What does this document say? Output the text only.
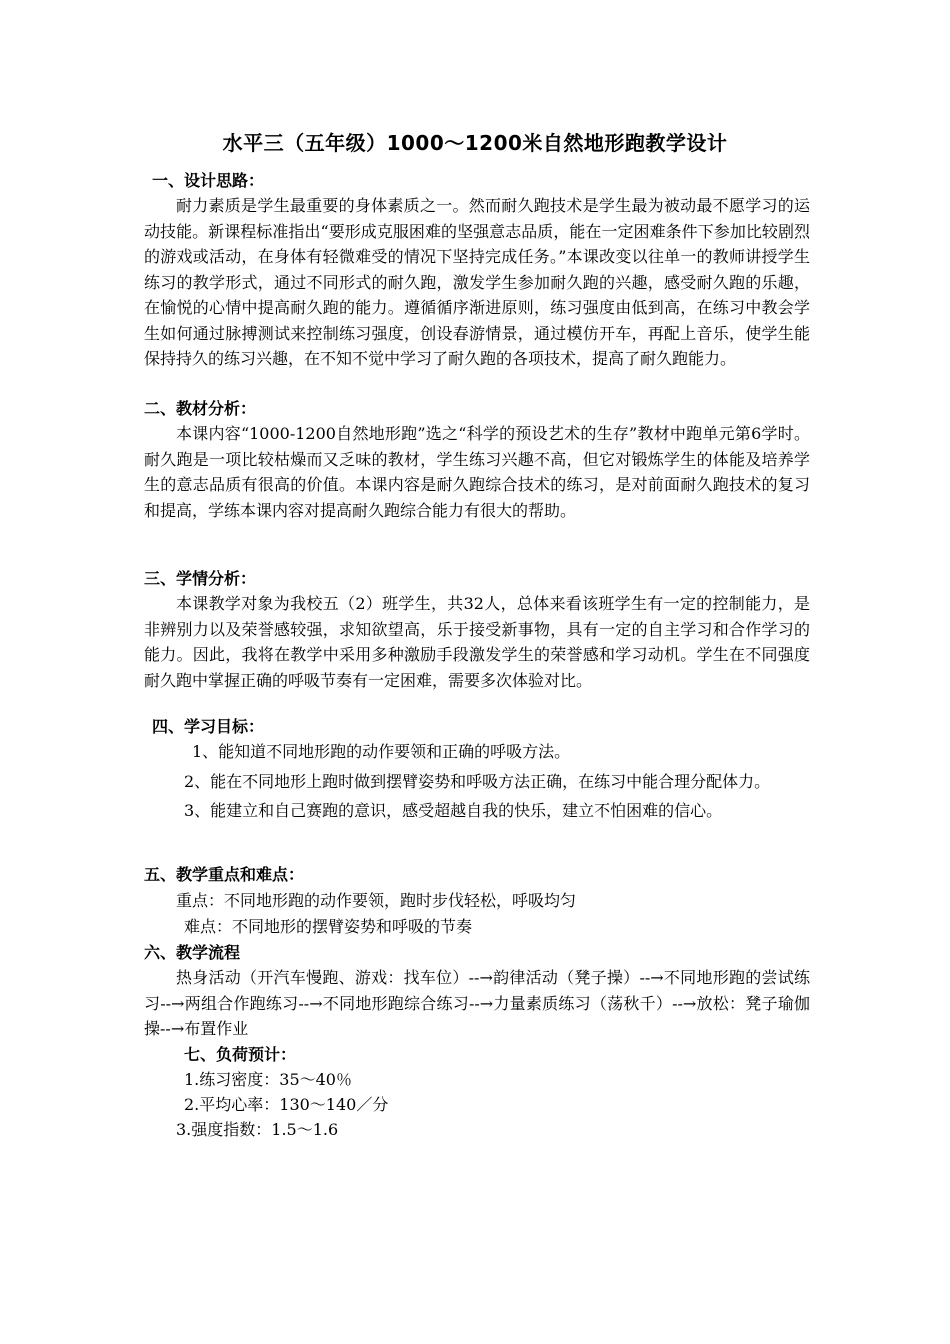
水平三（五年级）1000～1200米自然地形跑教学设计
一、设计思路：

耐力素质是学生最重要的身体素质之一。然而耐久跑技术是学生最为被动最不愿学习的运动技能。新课程标准指出“要形成克服困难的坚强意志品质，能在一定困难条件下参加比较剧烈的游戏或活动，在身体有轻微难受的情况下坚持完成任务。”本课改变以往单一的教师讲授学生练习的教学形式，通过不同形式的耐久跑，激发学生参加耐久跑的兴趣，感受耐久跑的乐趣，在愉悦的心情中提高耐久跑的能力。遵循循序渐进原则，练习强度由低到高，在练习中教会学生如何通过脉搏测试来控制练习强度，创设春游情景，通过模仿开车，再配上音乐，使学生能保持持久的练习兴趣，在不知不觉中学习了耐久跑的各项技术，提高了耐久跑能力。

二、教材分析：

本课内容“1000-1200自然地形跑”选之“科学的预设艺术的生存”教材中跑单元第6学时。耐久跑是一项比较枯燥而又乏味的教材，学生练习兴趣不高，但它对锻炼学生的体能及培养学生的意志品质有很高的价值。本课内容是耐久跑综合技术的练习，是对前面耐久跑技术的复习和提高，学练本课内容对提高耐久跑综合能力有很大的帮助。

三、学情分析：

本课教学对象为我校五（2）班学生，共32人，总体来看该班学生有一定的控制能力，是非辨别力以及荣誉感较强，求知欲望高，乐于接受新事物，具有一定的自主学习和合作学习的能力。因此，我将在教学中采用多种激励手段激发学生的荣誉感和学习动机。学生在不同强度耐久跑中掌握正确的呼吸节奏有一定困难，需要多次体验对比。

四、学习目标：

1、能知道不同地形跑的动作要领和正确的呼吸方法。

2、能在不同地形上跑时做到摆臂姿势和呼吸方法正确，在练习中能合理分配体力。

3、能建立和自己赛跑的意识，感受超越自我的快乐，建立不怕困难的信心。

五、教学重点和难点：
重点：不同地形跑的动作要领，跑时步伐轻松，呼吸均匀
难点：不同地形的摆臂姿势和呼吸的节奏
六、教学流程

热身活动（开汽车慢跑、游戏：找车位）--→韵律活动（凳子操）--→不同地形跑的尝试练习--→两组合作跑练习--→不同地形跑综合练习--→力量素质练习（荡秋千）--→放松：凳子瑜伽操--→布置作业

七、负荷预计：
1.练习密度：35～40％
2.平均心率：130～140／分
3.强度指数：1.5～1.6
